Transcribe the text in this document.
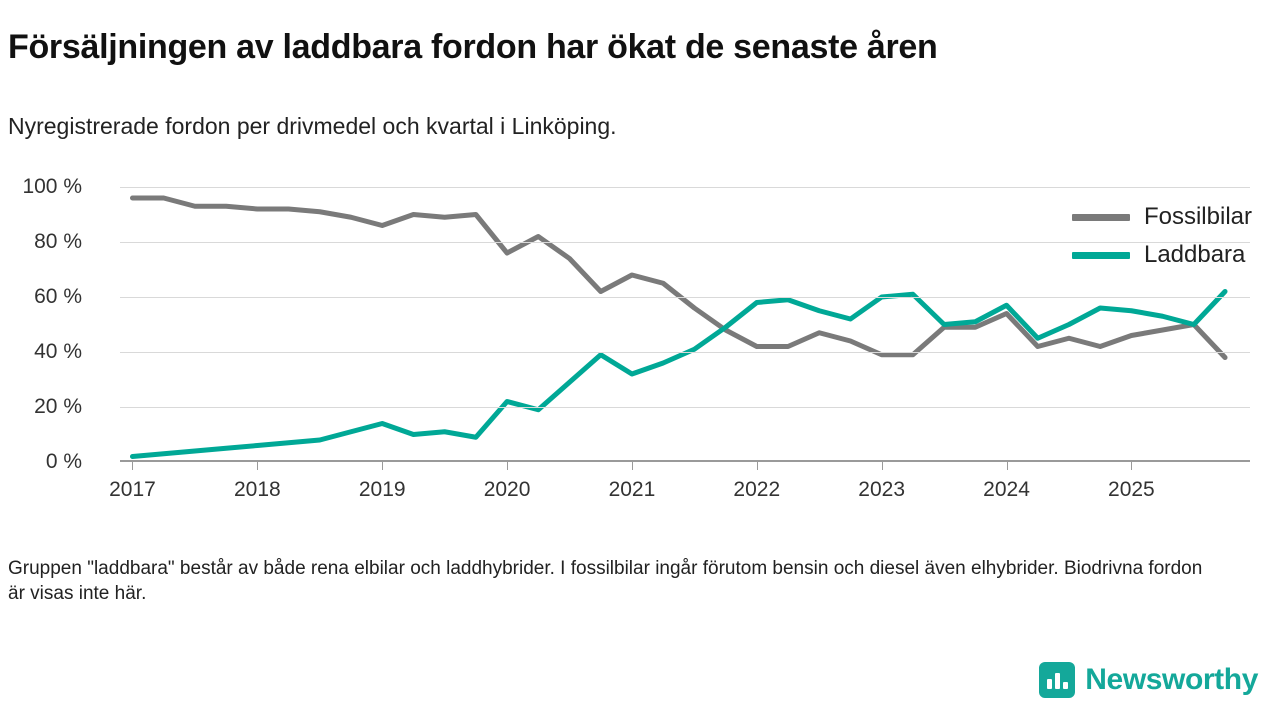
Försäljningen av laddbara fordon har ökat de senaste åren
Nyregistrerade fordon per drivmedel och kvartal i Linköping.
0 %
20 %
40 %
60 %
80 %
100 %
2017	2018	2019	2020	2021	2022	2023	2024	2025
Fossilbilar
Laddbara
Gruppen "laddbara" består av både rena elbilar och laddhybrider. I fossilbilar ingår förutom bensin och diesel även elhybrider. Biodrivna fordon är visas inte här.
Newsworthy
